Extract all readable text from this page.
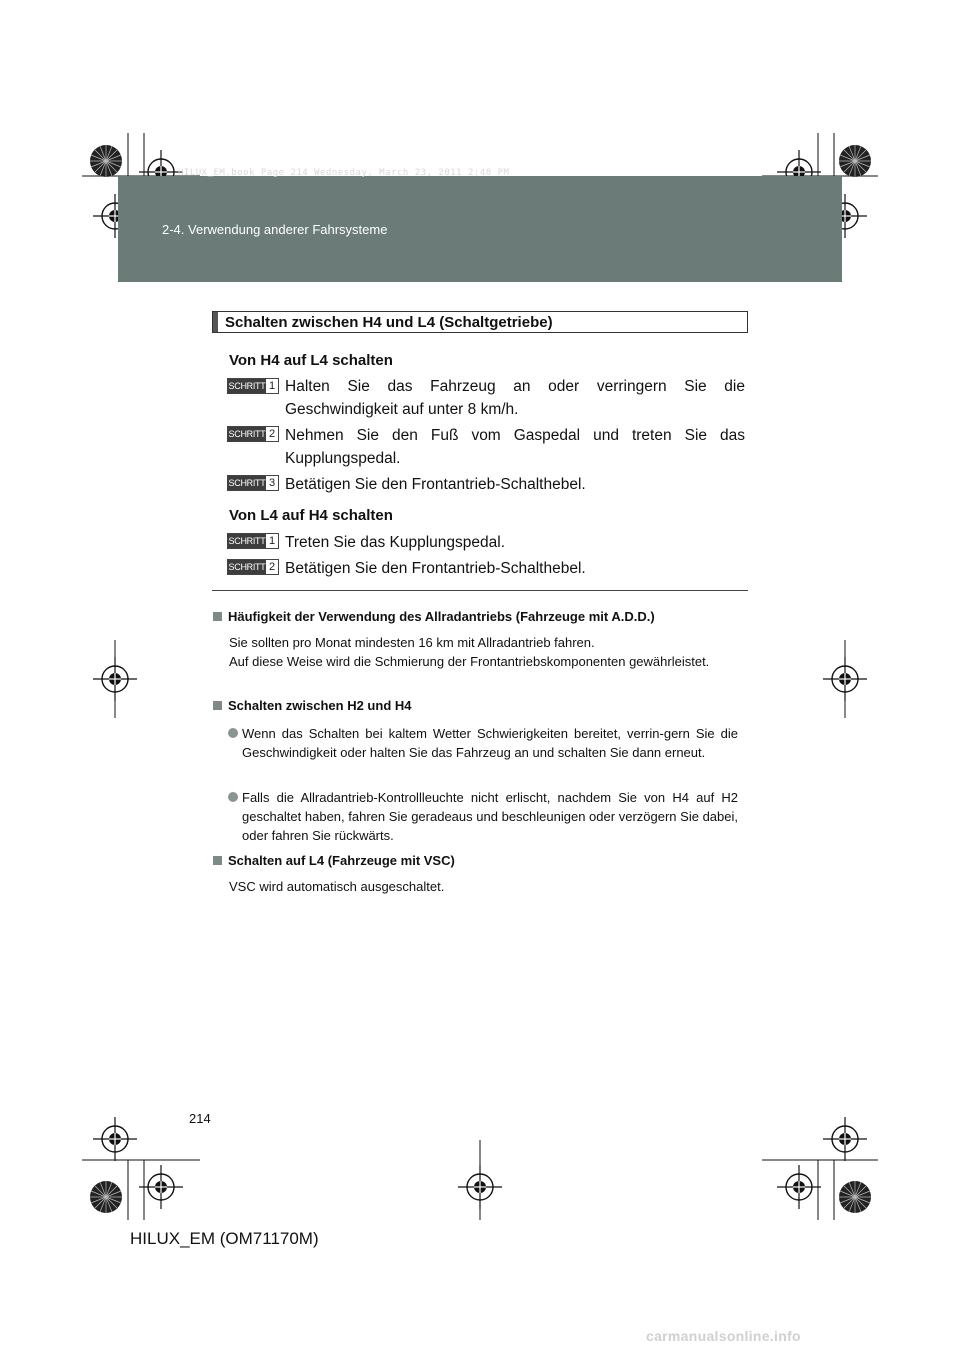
HILUX_EM.book Page 214 Wednesday, March 23, 2011 2:48 PM
2-4. Verwendung anderer Fahrsysteme
Schalten zwischen H4 und L4 (Schaltgetriebe)
Von H4 auf L4 schalten
SCHRITT 1 Halten Sie das Fahrzeug an oder verringern Sie die Geschwindigkeit auf unter 8 km/h.
SCHRITT 2 Nehmen Sie den Fuß vom Gaspedal und treten Sie das Kupplungspedal.
SCHRITT 3 Betätigen Sie den Frontantrieb-Schalthebel.
Von L4 auf H4 schalten
SCHRITT 1 Treten Sie das Kupplungspedal.
SCHRITT 2 Betätigen Sie den Frontantrieb-Schalthebel.
Häufigkeit der Verwendung des Allradantriebs (Fahrzeuge mit A.D.D.)
Sie sollten pro Monat mindesten 16 km mit Allradantrieb fahren.
Auf diese Weise wird die Schmierung der Frontantriebskomponenten gewährleistet.
Schalten zwischen H2 und H4
Wenn das Schalten bei kaltem Wetter Schwierigkeiten bereitet, verrin-gern Sie die Geschwindigkeit oder halten Sie das Fahrzeug an und schalten Sie dann erneut.
Falls die Allradantrieb-Kontrollleuchte nicht erlischt, nachdem Sie von H4 auf H2 geschaltet haben, fahren Sie geradeaus und beschleunigen oder verzögern Sie dabei, oder fahren Sie rückwärts.
Schalten auf L4 (Fahrzeuge mit VSC)
VSC wird automatisch ausgeschaltet.
214
HILUX_EM (OM71170M)
carmanualsonline.info
